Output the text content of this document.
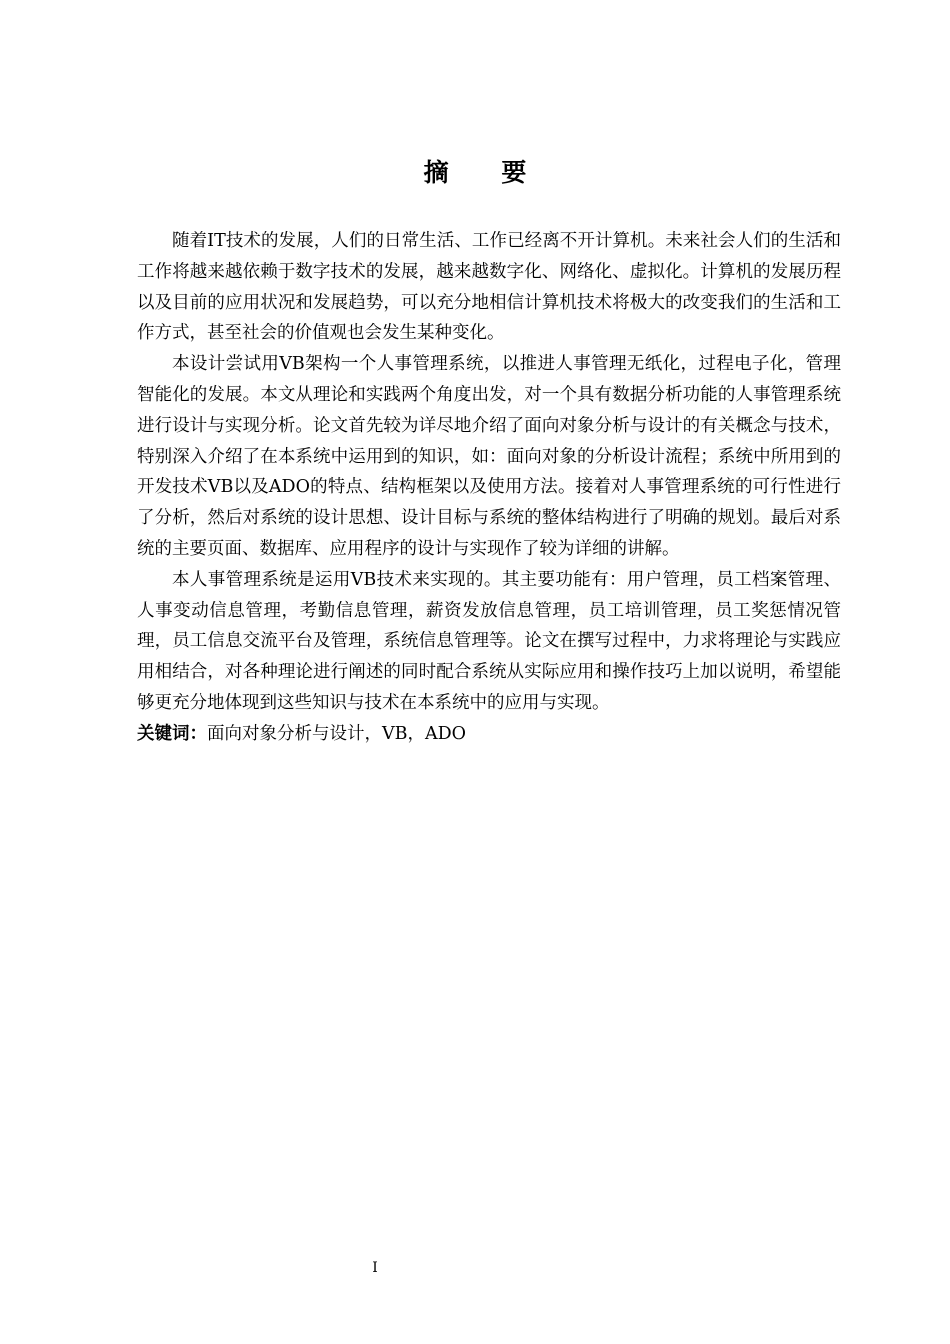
摘 要

随着IT技术的发展，人们的日常生活、工作已经离不开计算机。未来社会人们的生活和工作将越来越依赖于数字技术的发展，越来越数字化、网络化、虚拟化。计算机的发展历程以及目前的应用状况和发展趋势，可以充分地相信计算机技术将极大的改变我们的生活和工作方式，甚至社会的价值观也会发生某种变化。

本设计尝试用VB架构一个人事管理系统，以推进人事管理无纸化，过程电子化，管理智能化的发展。本文从理论和实践两个角度出发，对一个具有数据分析功能的人事管理系统进行设计与实现分析。论文首先较为详尽地介绍了面向对象分析与设计的有关概念与技术，特别深入介绍了在本系统中运用到的知识，如：面向对象的分析设计流程；系统中所用到的开发技术VB以及ADO的特点、结构框架以及使用方法。接着对人事管理系统的可行性进行了分析，然后对系统的设计思想、设计目标与系统的整体结构进行了明确的规划。最后对系统的主要页面、数据库、应用程序的设计与实现作了较为详细的讲解。

本人事管理系统是运用VB技术来实现的。其主要功能有：用户管理，员工档案管理、人事变动信息管理，考勤信息管理，薪资发放信息管理，员工培训管理，员工奖惩情况管理，员工信息交流平台及管理，系统信息管理等。论文在撰写过程中，力求将理论与实践应用相结合，对各种理论进行阐述的同时配合系统从实际应用和操作技巧上加以说明，希望能够更充分地体现到这些知识与技术在本系统中的应用与实现。

关键词：面向对象分析与设计，VB，ADO

I
